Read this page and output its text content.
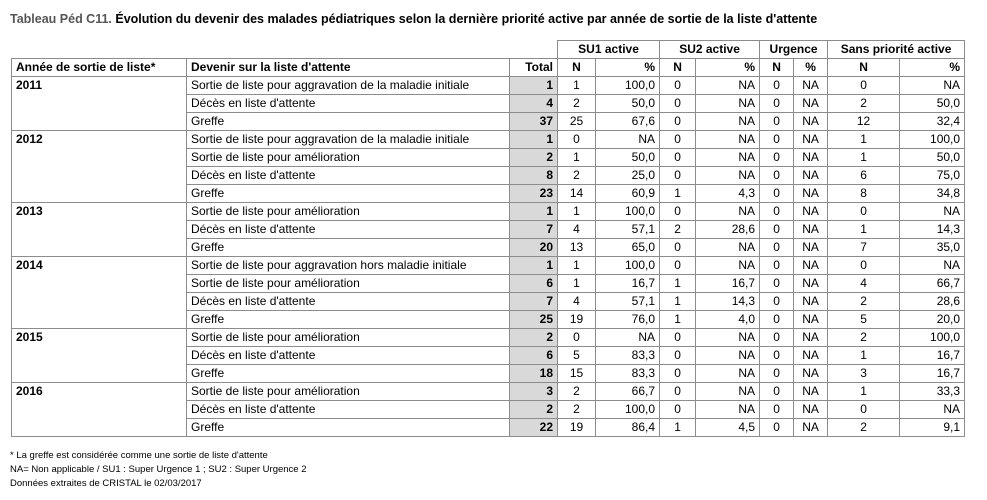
Tableau Péd C11. Évolution du devenir des malades pédiatriques selon la dernière priorité active par année de sortie de la liste d'attente
			SU1 active		SU2 active		Urgence		Sans priorité active	
Année de sortie de liste*	Devenir sur la liste d'attente	Total	N	%	N	%	N	%	N	%
2011	Sortie de liste pour aggravation de la maladie initiale	1	1	100,0	0	NA	0	NA	0	NA
	Décès en liste d'attente	4	2	50,0	0	NA	0	NA	2	50,0
	Greffe	37	25	67,6	0	NA	0	NA	12	32,4
2012	Sortie de liste pour aggravation de la maladie initiale	1	0	NA	0	NA	0	NA	1	100,0
	Sortie de liste pour amélioration	2	1	50,0	0	NA	0	NA	1	50,0
	Décès en liste d'attente	8	2	25,0	0	NA	0	NA	6	75,0
	Greffe	23	14	60,9	1	4,3	0	NA	8	34,8
2013	Sortie de liste pour amélioration	1	1	100,0	0	NA	0	NA	0	NA
	Décès en liste d'attente	7	4	57,1	2	28,6	0	NA	1	14,3
	Greffe	20	13	65,0	0	NA	0	NA	7	35,0
2014	Sortie de liste pour aggravation hors maladie initiale	1	1	100,0	0	NA	0	NA	0	NA
	Sortie de liste pour amélioration	6	1	16,7	1	16,7	0	NA	4	66,7
	Décès en liste d'attente	7	4	57,1	1	14,3	0	NA	2	28,6
	Greffe	25	19	76,0	1	4,0	0	NA	5	20,0
2015	Sortie de liste pour amélioration	2	0	NA	0	NA	0	NA	2	100,0
	Décès en liste d'attente	6	5	83,3	0	NA	0	NA	1	16,7
	Greffe	18	15	83,3	0	NA	0	NA	3	16,7
2016	Sortie de liste pour amélioration	3	2	66,7	0	NA	0	NA	1	33,3
	Décès en liste d'attente	2	2	100,0	0	NA	0	NA	0	NA
	Greffe	22	19	86,4	1	4,5	0	NA	2	9,1
* La greffe est considérée comme une sortie de liste d'attente
NA= Non applicable / SU1 : Super Urgence 1 ; SU2 : Super Urgence 2
Données extraites de CRISTAL le 02/03/2017
